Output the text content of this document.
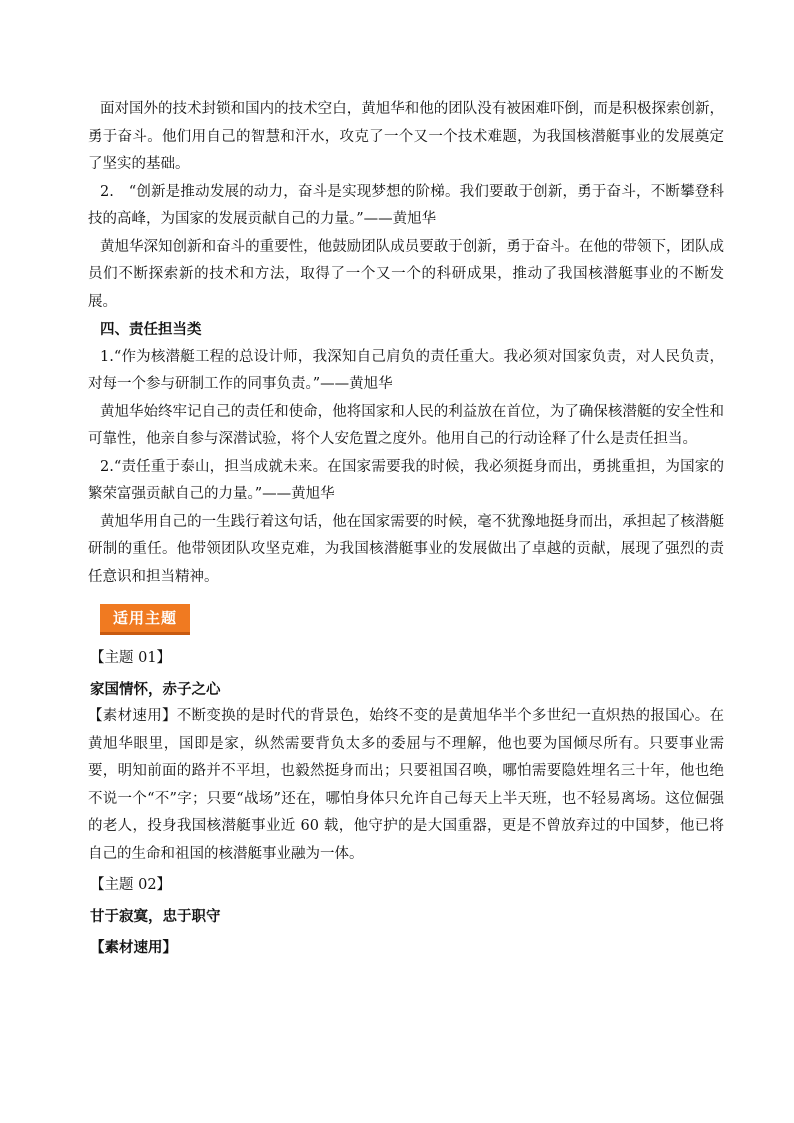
面对国外的技术封锁和国内的技术空白，黄旭华和他的团队没有被困难吓倒，而是积极探索创新，勇于奋斗。他们用自己的智慧和汗水，攻克了一个又一个技术难题，为我国核潜艇事业的发展奠定了坚实的基础。

2.　“创新是推动发展的动力，奋斗是实现梦想的阶梯。我们要敢于创新，勇于奋斗，不断攀登科技的高峰，为国家的发展贡献自己的力量。”——黄旭华

黄旭华深知创新和奋斗的重要性，他鼓励团队成员要敢于创新，勇于奋斗。在他的带领下，团队成员们不断探索新的技术和方法，取得了一个又一个的科研成果，推动了我国核潜艇事业的不断发展。

四、责任担当类

1.“作为核潜艇工程的总设计师，我深知自己肩负的责任重大。我必须对国家负责，对人民负责，对每一个参与研制工作的同事负责。”——黄旭华

黄旭华始终牢记自己的责任和使命，他将国家和人民的利益放在首位，为了确保核潜艇的安全性和可靠性，他亲自参与深潜试验，将个人安危置之度外。他用自己的行动诠释了什么是责任担当。

2.“责任重于泰山，担当成就未来。在国家需要我的时候，我必须挺身而出，勇挑重担，为国家的繁荣富强贡献自己的力量。”——黄旭华

黄旭华用自己的一生践行着这句话，他在国家需要的时候，毫不犹豫地挺身而出，承担起了核潜艇研制的重任。他带领团队攻坚克难，为我国核潜艇事业的发展做出了卓越的贡献，展现了强烈的责任意识和担当精神。

适用主题

【主题 01】

家国情怀，赤子之心

【素材速用】不断变换的是时代的背景色，始终不变的是黄旭华半个多世纪一直炽热的报国心。在黄旭华眼里，国即是家，纵然需要背负太多的委屈与不理解，他也要为国倾尽所有。只要事业需要，明知前面的路并不平坦，也毅然挺身而出；只要祖国召唤，哪怕需要隐姓埋名三十年，他也绝不说一个“不”字；只要“战场”还在，哪怕身体只允许自己每天上半天班，也不轻易离场。这位倔强的老人，投身我国核潜艇事业近 60 载，他守护的是大国重器，更是不曾放弃过的中国梦，他已将自己的生命和祖国的核潜艇事业融为一体。

【主题 02】

甘于寂寞，忠于职守

【素材速用】
